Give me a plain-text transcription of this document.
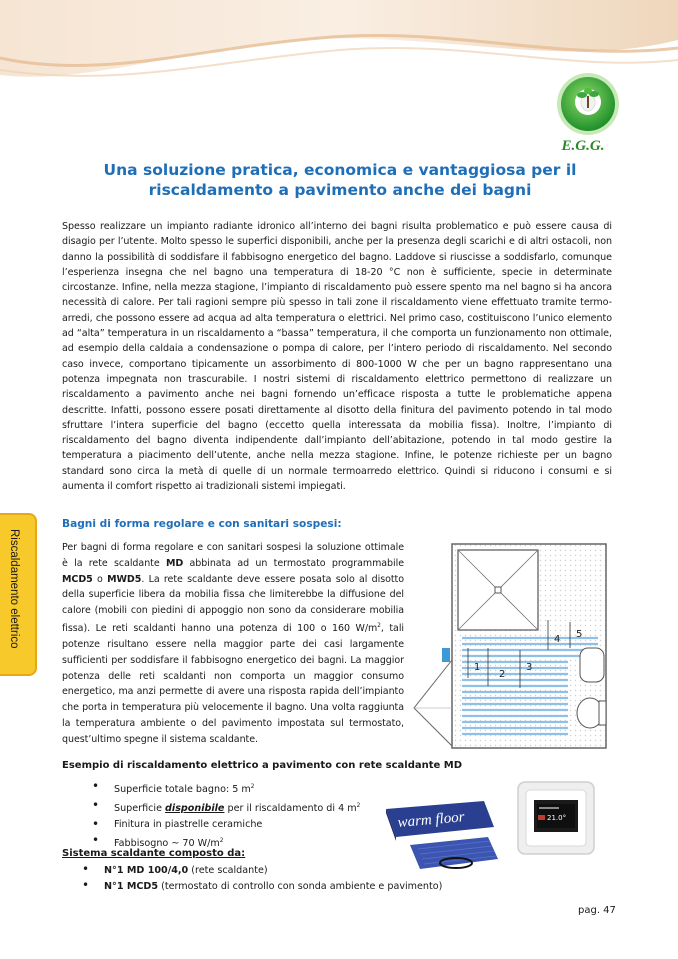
E.G.G.
Una soluzione pratica, economica e vantaggiosa per il riscaldamento a pavimento anche dei bagni
Spesso realizzare un impianto radiante idronico all’interno dei bagni risulta problematico e può essere causa di disagio per l’utente. Molto spesso le superfici disponibili, anche per la presenza degli scarichi e di altri ostacoli, non danno la possibilità di soddisfare il fabbisogno energetico del bagno. Laddove si riuscisse a soddisfarlo, comunque l’esperienza insegna che nel bagno una temperatura di 18-20 °C non è sufficiente, specie in determinate circostanze. Infine, nella mezza stagione, l’impianto di riscaldamento può essere spento ma nel bagno si ha ancora necessità di calore. Per tali ragioni sempre più spesso in tali zone il riscaldamento viene effettuato tramite termo-arredi, che possono essere ad acqua ad alta temperatura o elettrici. Nel primo caso, costituiscono l’unico elemento ad “alta” temperatura in un riscaldamento a “bassa” temperatura, il che comporta un funzionamento non ottimale, ad esempio della caldaia a condensazione o pompa di calore, per l’intero periodo di riscaldamento. Nel secondo caso invece, comportano tipicamente un assorbimento di 800-1000 W che per un bagno rappresentano una potenza impegnata non trascurabile. I nostri sistemi di riscaldamento elettrico permettono di realizzare un riscaldamento a pavimento anche nei bagni fornendo un’efficace risposta a tutte le problematiche appena descritte. Infatti, possono essere posati direttamente al disotto della finitura del pavimento potendo in tal modo sfruttare l’intera superficie del bagno (eccetto quella interessata da mobilia fissa). Inoltre, l’impianto di riscaldamento del bagno diventa indipendente dall’impianto dell’abitazione, potendo in tal modo gestire la temperatura a piacimento dell’utente, anche nella mezza stagione. Infine, le potenze richieste per un bagno standard sono circa la metà di quelle di un normale termoarredo elettrico. Quindi si riducono i consumi e si aumenta il comfort rispetto ai tradizionali sistemi impiegati.
Bagni di forma regolare e con sanitari sospesi:
Per bagni di forma regolare e con sanitari sospesi la soluzione ottimale è la rete scaldante MD abbinata ad un termostato programmabile MCD5 o MWD5. La rete scaldante deve essere posata solo al disotto della superficie libera da mobilia fissa che limiterebbe la diffusione del calore (mobili con piedini di appoggio non sono da considerare mobilia fissa). Le reti scaldanti hanno una potenza di 100 o 160 $W/m^2$, tali potenze risultano essere nella maggior parte dei casi largamente sufficienti per soddisfare il fabbisogno energetico dei bagni. La maggior potenza delle reti scaldanti non comporta un maggior consumo energetico, ma anzi permette di avere una risposta rapida dell’impianto che porta in temperatura più velocemente il bagno. Una volta raggiunta la temperatura ambiente o del pavimento impostata sul termostato, quest’ultimo spegne il sistema scaldante.
1
2
3
4 5
Esempio di riscaldamento elettrico a pavimento con rete scaldante MD
• Superficie totale bagno: 5 $m^2$
• Superficie disponibile per il riscaldamento di 4 $m^2$
• Finitura in piastrelle ceramiche
• Fabbisogno ~ 70 $W/m^2$
warm floor	21.0°
Sistema scaldante composto da:
• N°1 MD 100/4,0 (rete scaldante)
• N°1 MCD5 (termostato di controllo con sonda ambiente e pavimento)
Riscaldamento elettrico
pag. 47
